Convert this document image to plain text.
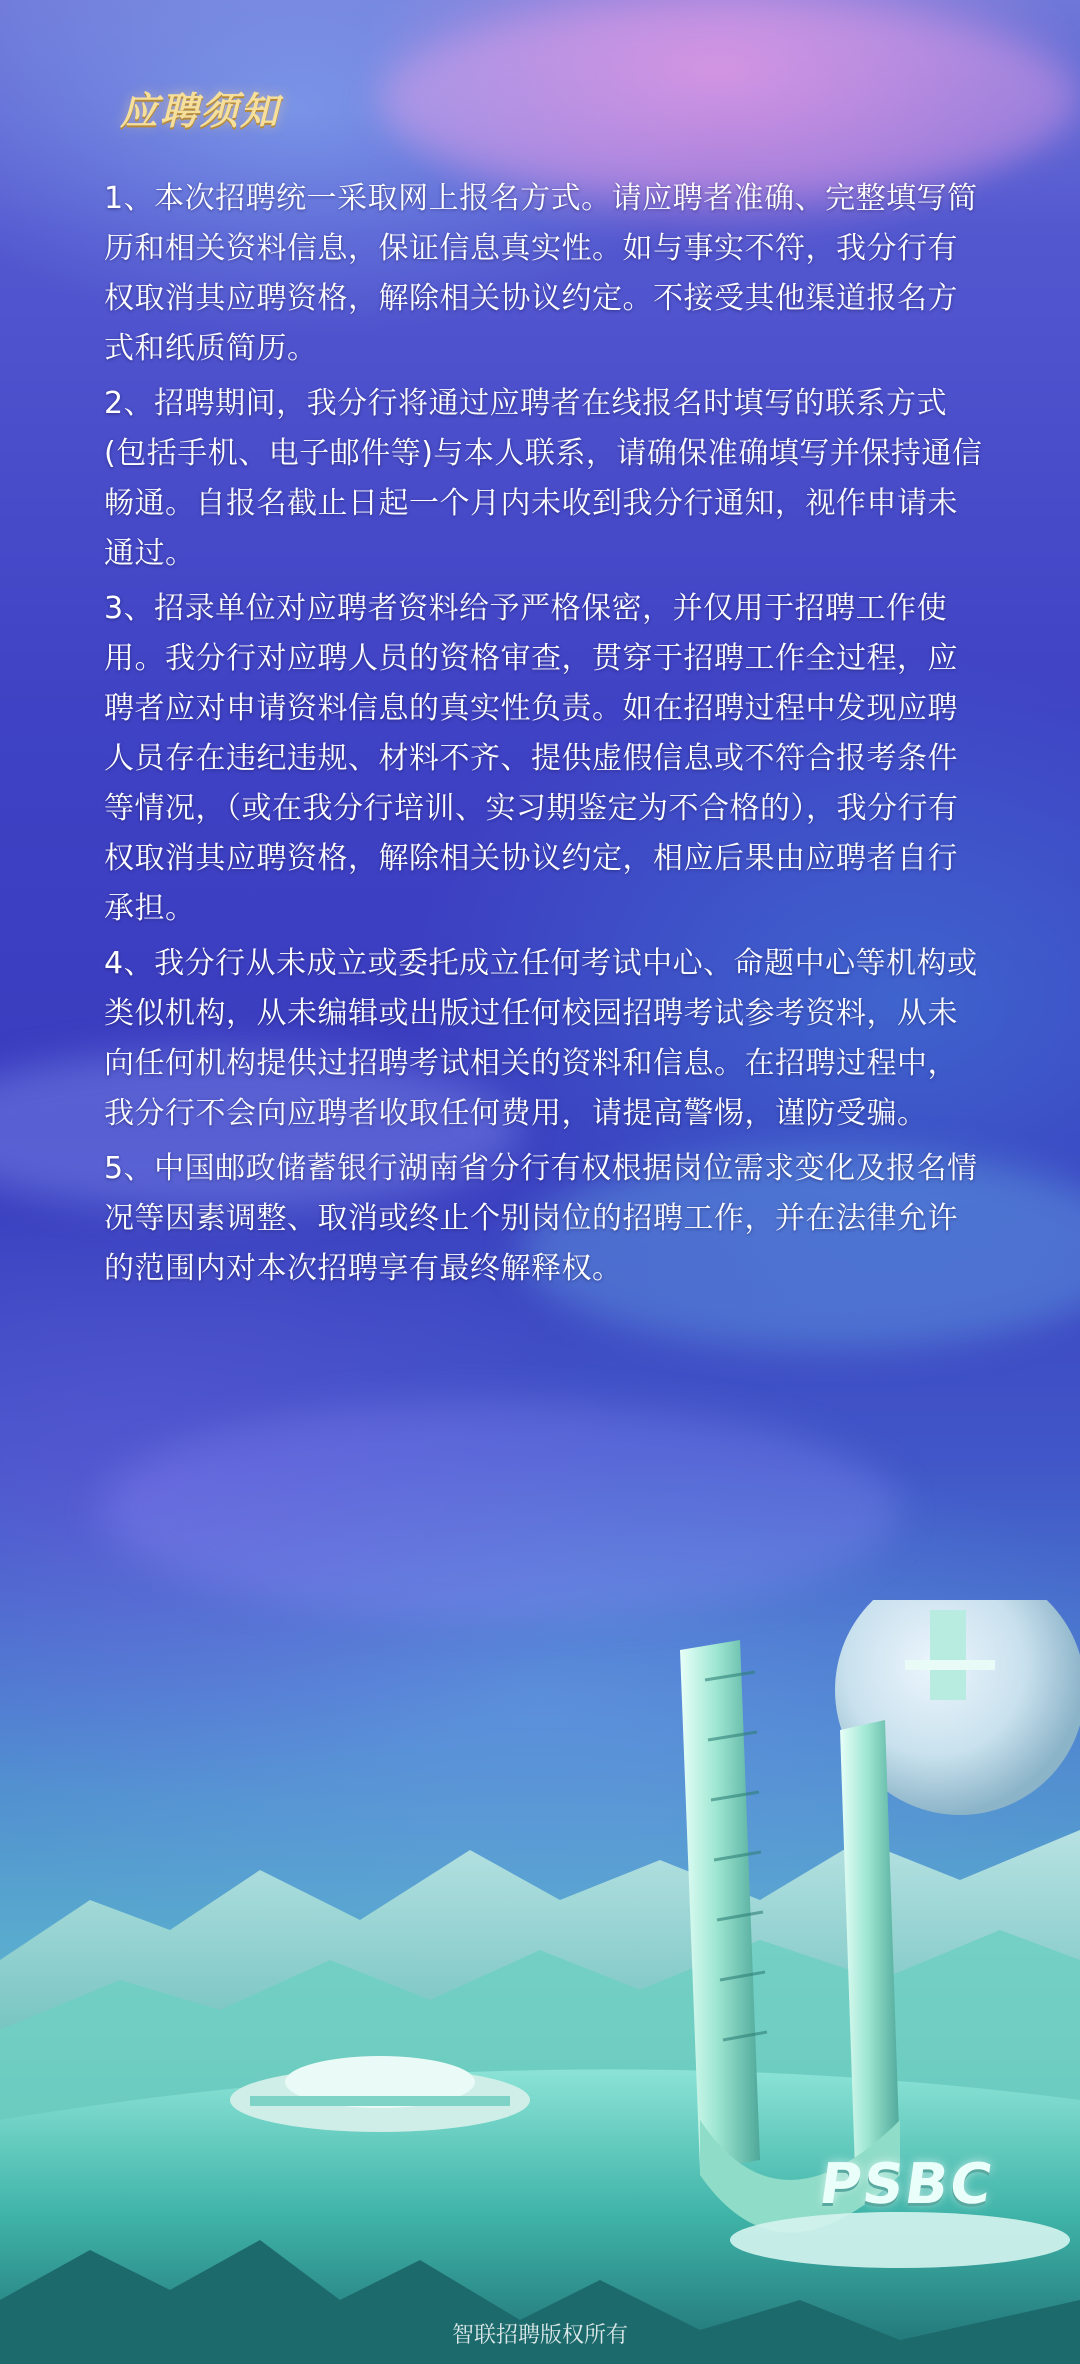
应聘须知
1、本次招聘统一采取网上报名方式。请应聘者准确、完整填写简历和相关资料信息，保证信息真实性。如与事实不符，我分行有权取消其应聘资格，解除相关协议约定。不接受其他渠道报名方式和纸质简历。
2、招聘期间，我分行将通过应聘者在线报名时填写的联系方式(包括手机、电子邮件等)与本人联系，请确保准确填写并保持通信畅通。自报名截止日起一个月内未收到我分行通知，视作申请未通过。
3、招录单位对应聘者资料给予严格保密，并仅用于招聘工作使用。我分行对应聘人员的资格审查，贯穿于招聘工作全过程，应聘者应对申请资料信息的真实性负责。如在招聘过程中发现应聘人员存在违纪违规、材料不齐、提供虚假信息或不符合报考条件等情况，（或在我分行培训、实习期鉴定为不合格的），我分行有权取消其应聘资格，解除相关协议约定，相应后果由应聘者自行承担。
4、我分行从未成立或委托成立任何考试中心、命题中心等机构或类似机构，从未编辑或出版过任何校园招聘考试参考资料，从未向任何机构提供过招聘考试相关的资料和信息。在招聘过程中，我分行不会向应聘者收取任何费用，请提高警惕，谨防受骗。
5、中国邮政储蓄银行湖南省分行有权根据岗位需求变化及报名情况等因素调整、取消或终止个别岗位的招聘工作，并在法律允许的范围内对本次招聘享有最终解释权。
PSBC
智联招聘版权所有
